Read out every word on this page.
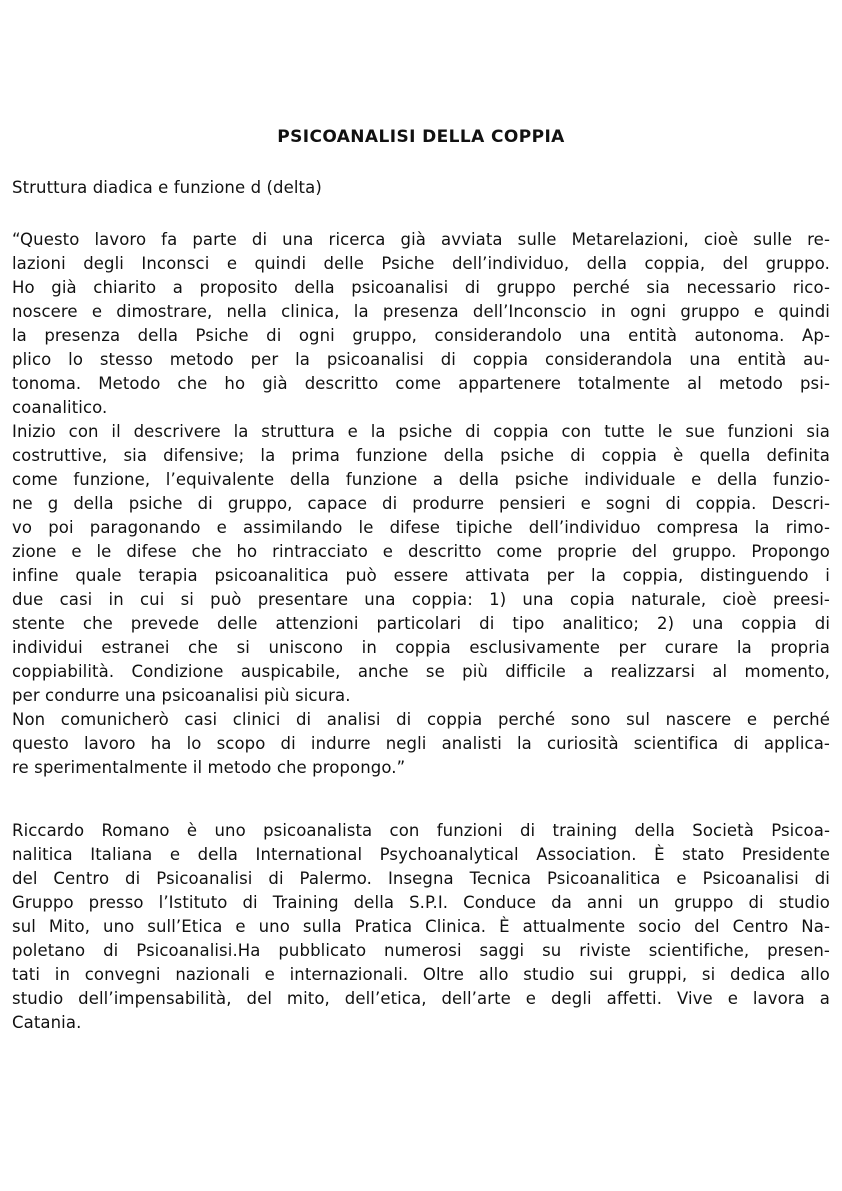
PSICOANALISI DELLA COPPIA
Struttura diadica e funzione d (delta)
“Questo lavoro fa parte di una ricerca già avviata sulle Metarelazioni, cioè sulle re-
lazioni degli Inconsci e quindi delle Psiche dell’individuo, della coppia, del gruppo.
Ho già chiarito a proposito della psicoanalisi di gruppo perché sia necessario rico-
noscere e dimostrare, nella clinica, la presenza dell’Inconscio in ogni gruppo e quindi
la presenza della Psiche di ogni gruppo, considerandolo una entità autonoma. Ap-
plico lo stesso metodo per la psicoanalisi di coppia considerandola una entità au-
tonoma. Metodo che ho già descritto come appartenere totalmente al metodo psi-
coanalitico.
Inizio con il descrivere la struttura e la psiche di coppia con tutte le sue funzioni sia
costruttive, sia difensive; la prima funzione della psiche di coppia è quella definita
come funzione, l’equivalente della funzione a della psiche individuale e della funzio-
ne g della psiche di gruppo, capace di produrre pensieri e sogni di coppia. Descri-
vo poi paragonando e assimilando le difese tipiche dell’individuo compresa la rimo-
zione e le difese che ho rintracciato e descritto come proprie del gruppo. Propongo
infine quale terapia psicoanalitica può essere attivata per la coppia, distinguendo i
due casi in cui si può presentare una coppia: 1) una copia naturale, cioè preesi-
stente che prevede delle attenzioni particolari di tipo analitico; 2) una coppia di
individui estranei che si uniscono in coppia esclusivamente per curare la propria
coppiabilità. Condizione auspicabile, anche se più difficile a realizzarsi al momento,
per condurre una psicoanalisi più sicura.
Non comunicherò casi clinici di analisi di coppia perché sono sul nascere e perché
questo lavoro ha lo scopo di indurre negli analisti la curiosità scientifica di applica-
re sperimentalmente il metodo che propongo.”
Riccardo Romano è uno psicoanalista con funzioni di training della Società Psicoa-
nalitica Italiana e della International Psychoanalytical Association. È stato Presidente
del Centro di Psicoanalisi di Palermo. Insegna Tecnica Psicoanalitica e Psicoanalisi di
Gruppo presso l’Istituto di Training della S.P.I. Conduce da anni un gruppo di studio
sul Mito, uno sull’Etica e uno sulla Pratica Clinica. È attualmente socio del Centro Na-
poletano di Psicoanalisi.Ha pubblicato numerosi saggi su riviste scientifiche, presen-
tati in convegni nazionali e internazionali. Oltre allo studio sui gruppi, si dedica allo
studio dell’impensabilità, del mito, dell’etica, dell’arte e degli affetti. Vive e lavora a
Catania.
